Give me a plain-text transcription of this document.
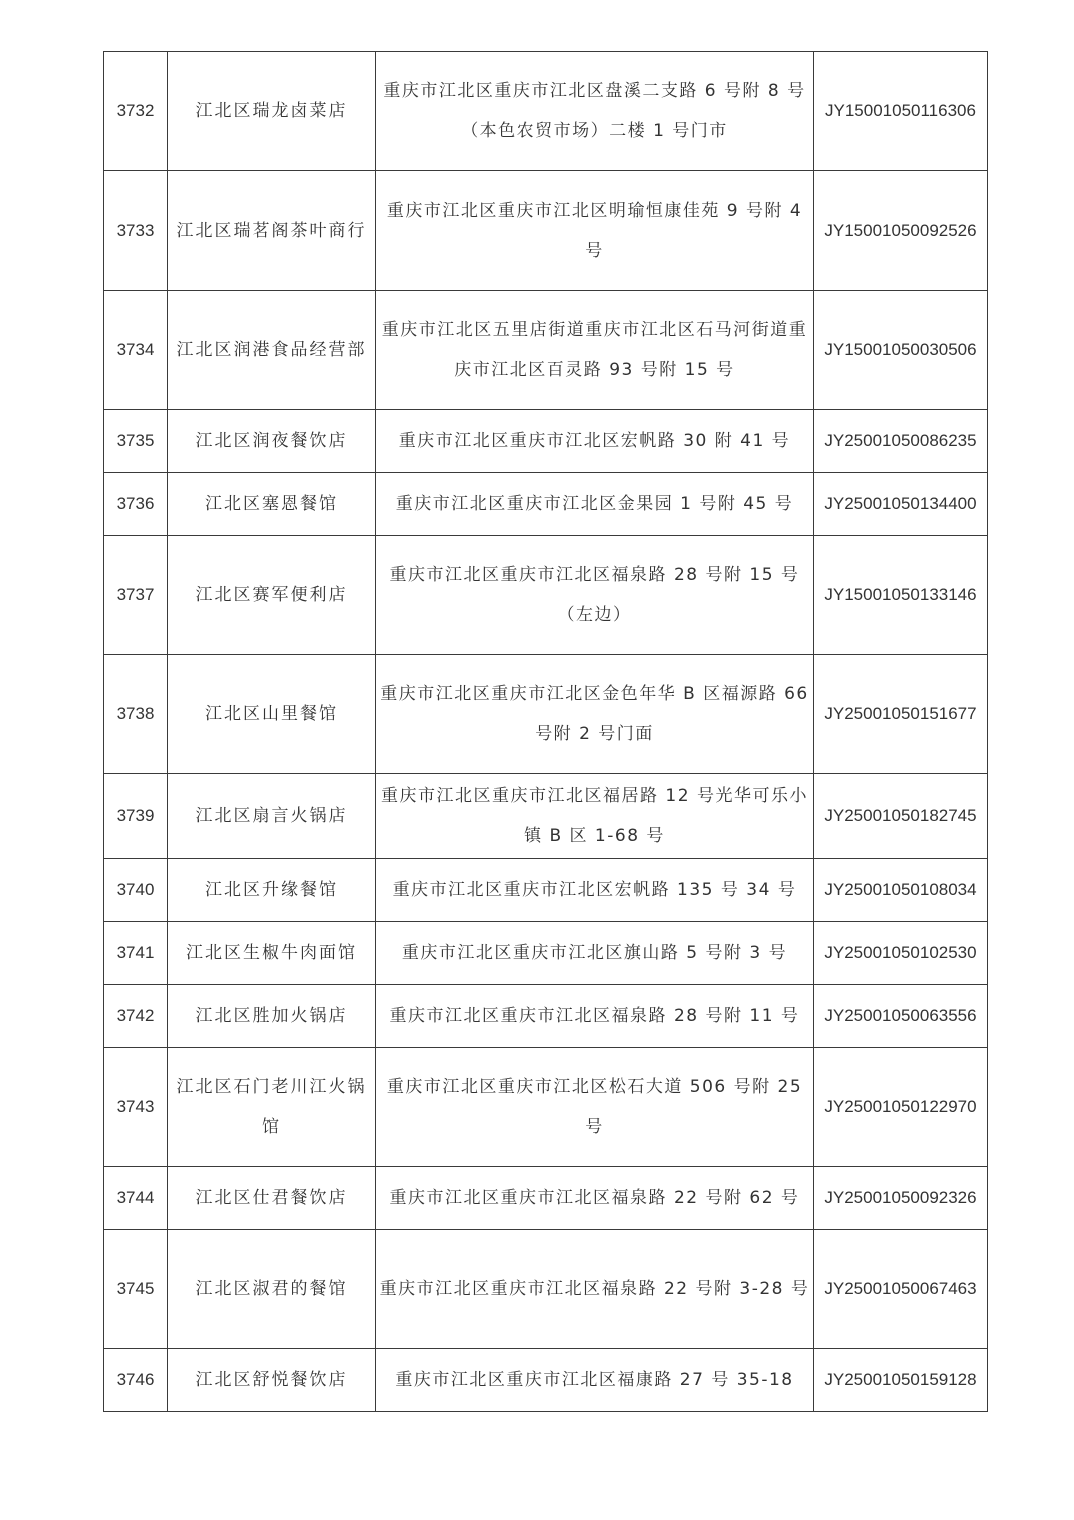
3732	江北区瑞龙卤菜店	重庆市江北区重庆市江北区盘溪二支路 6 号附 8 号（本色农贸市场）二楼 1 号门市	JY15001050116306
3733	江北区瑞茗阁茶叶商行	重庆市江北区重庆市江北区明瑜恒康佳苑 9 号附 4 号	JY15001050092526
3734	江北区润港食品经营部	重庆市江北区五里店街道重庆市江北区石马河街道重庆市江北区百灵路 93 号附 15 号	JY15001050030506
3735	江北区润夜餐饮店	重庆市江北区重庆市江北区宏帆路 30 附 41 号	JY25001050086235
3736	江北区塞恩餐馆	重庆市江北区重庆市江北区金果园 1 号附 45 号	JY25001050134400
3737	江北区赛军便利店	重庆市江北区重庆市江北区福泉路 28 号附 15 号（左边）	JY15001050133146
3738	江北区山里餐馆	重庆市江北区重庆市江北区金色年华 B 区福源路 66 号附 2 号门面	JY25001050151677
3739	江北区扇言火锅店	重庆市江北区重庆市江北区福居路 12 号光华可乐小镇 B 区 1-68 号	JY25001050182745
3740	江北区升缘餐馆	重庆市江北区重庆市江北区宏帆路 135 号 34 号	JY25001050108034
3741	江北区生椒牛肉面馆	重庆市江北区重庆市江北区旗山路 5 号附 3 号	JY25001050102530
3742	江北区胜加火锅店	重庆市江北区重庆市江北区福泉路 28 号附 11 号	JY25001050063556
3743	江北区石门老川江火锅馆	重庆市江北区重庆市江北区松石大道 506 号附 25 号	JY25001050122970
3744	江北区仕君餐饮店	重庆市江北区重庆市江北区福泉路 22 号附 62 号	JY25001050092326
3745	江北区淑君的餐馆	重庆市江北区重庆市江北区福泉路 22 号附 3-28 号	JY25001050067463
3746	江北区舒悦餐饮店	重庆市江北区重庆市江北区福康路 27 号 35-18	JY25001050159128
